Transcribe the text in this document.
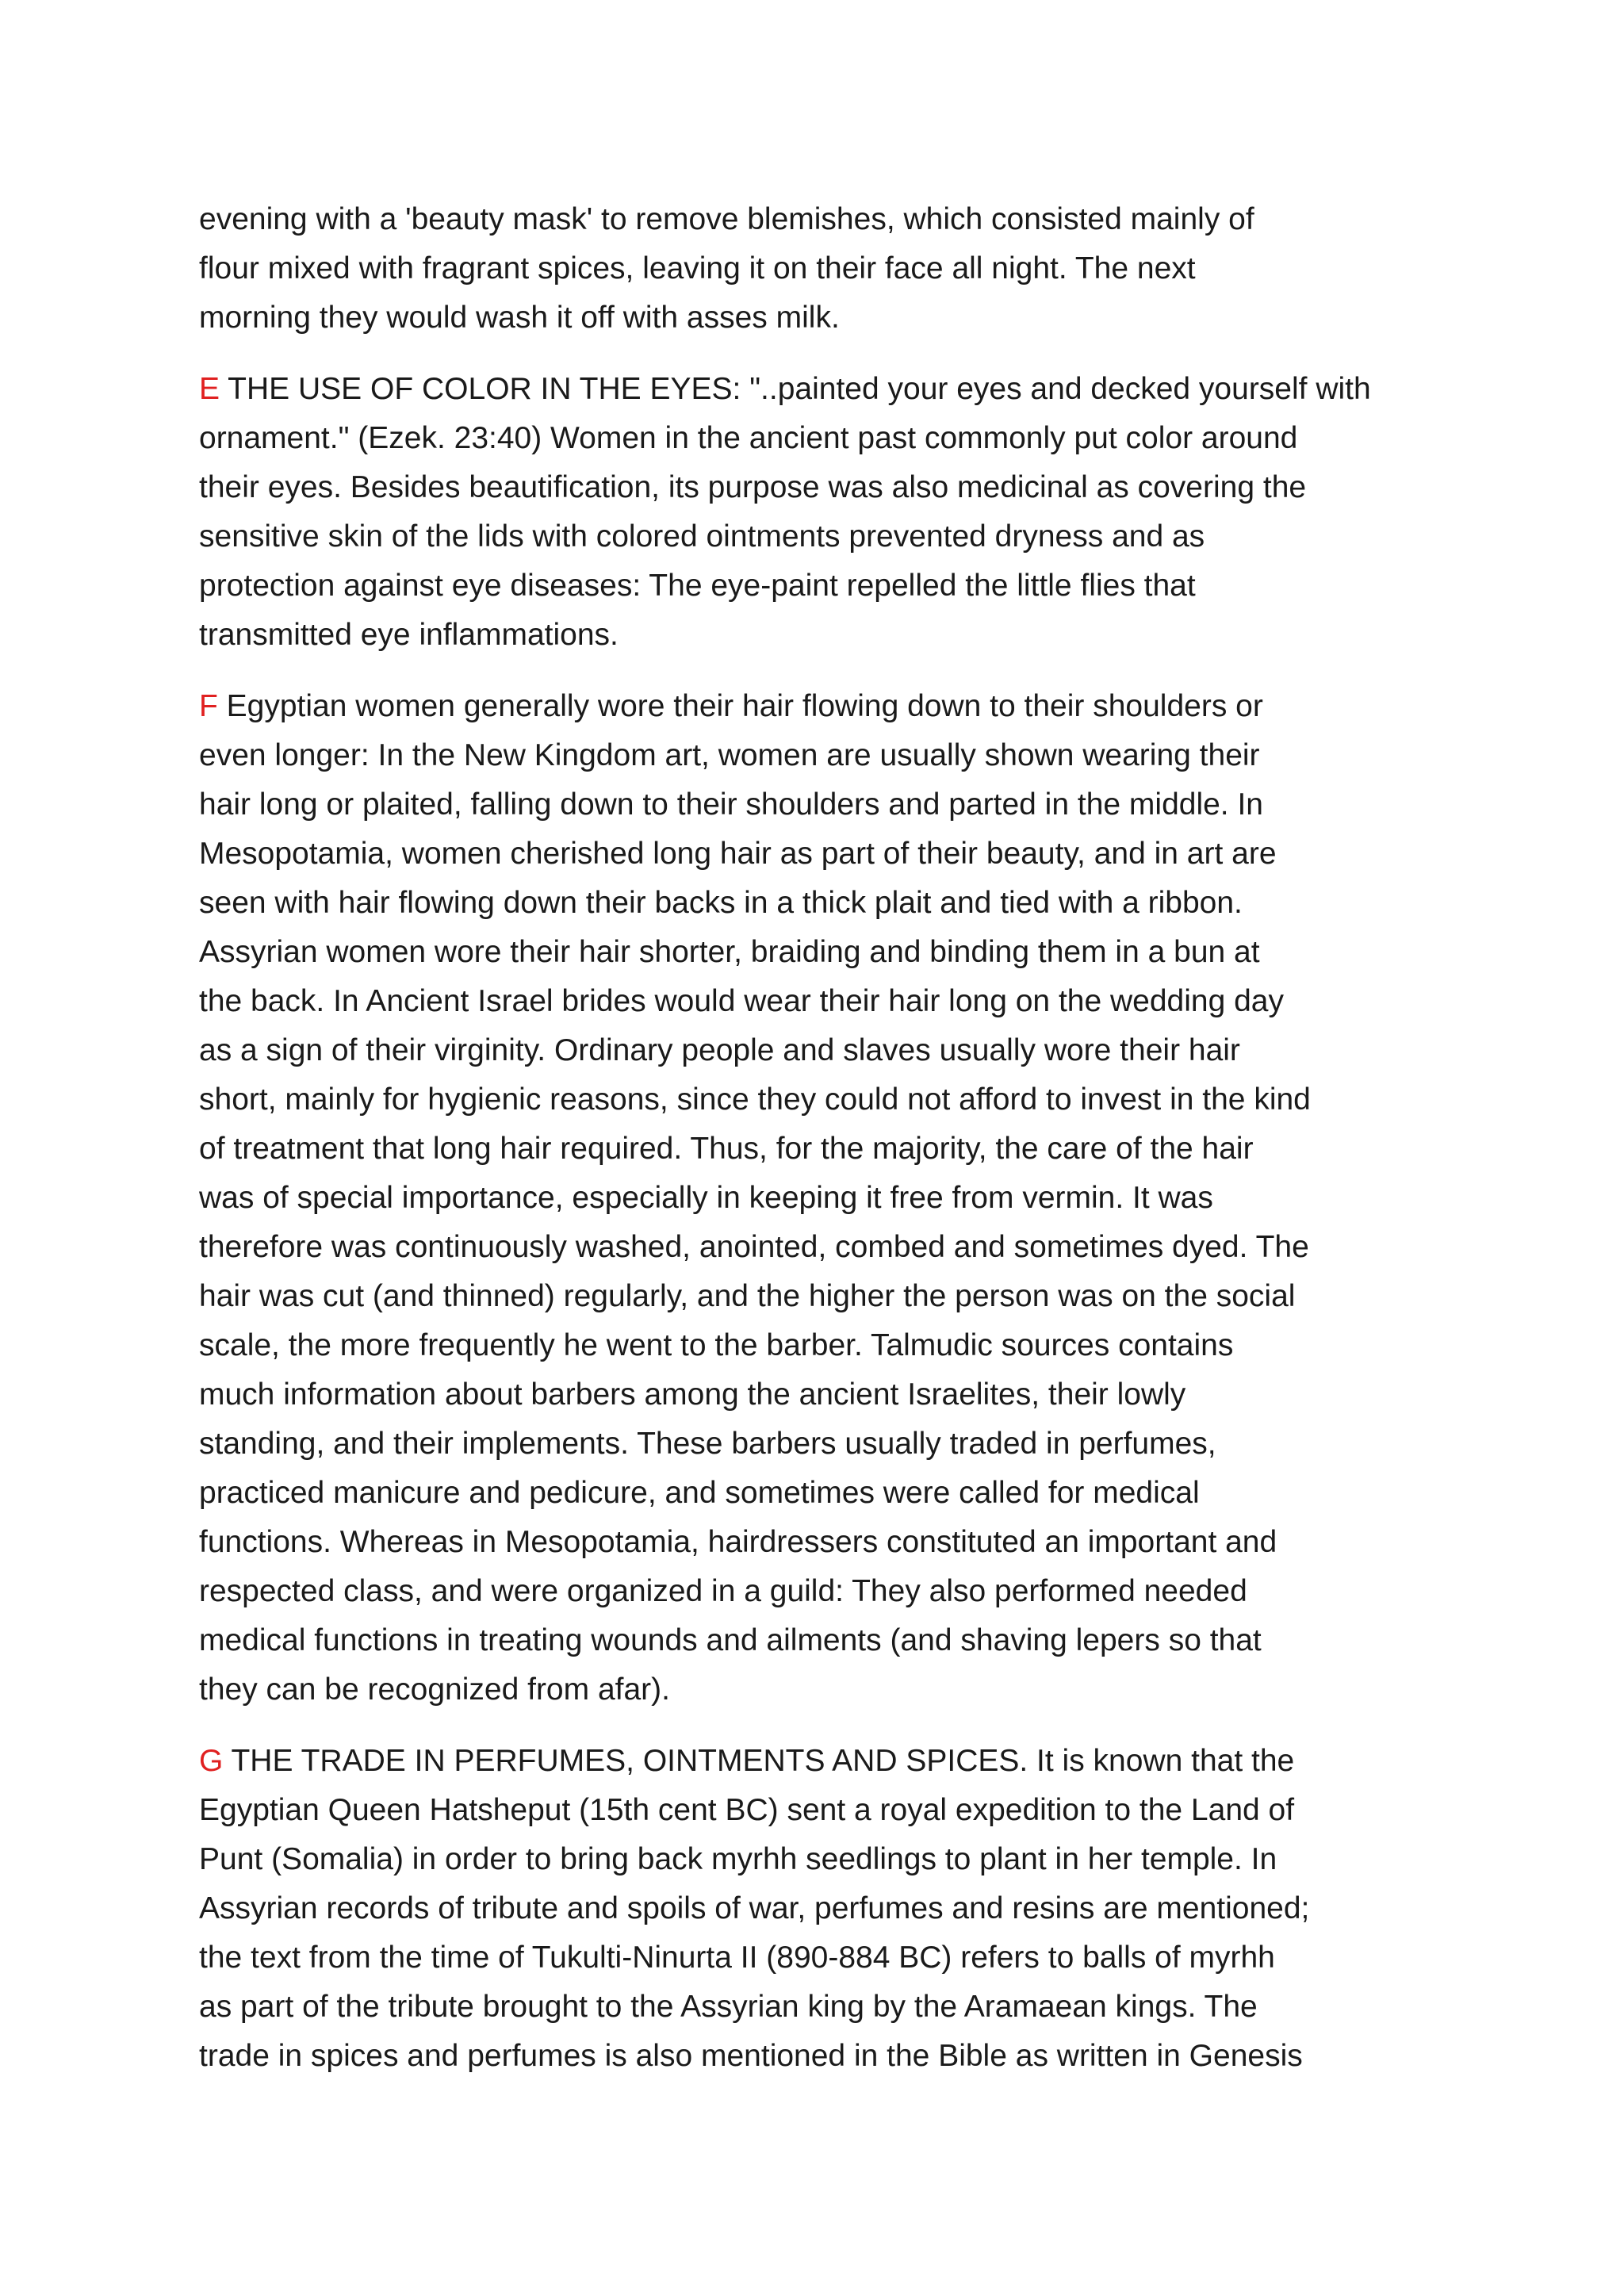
evening with a 'beauty mask' to remove blemishes, which consisted mainly of
flour mixed with fragrant spices, leaving it on their face all night. The next
morning they would wash it off with asses milk.

E THE USE OF COLOR IN THE EYES: "..painted your eyes and decked yourself with
ornament." (Ezek. 23:40) Women in the ancient past commonly put color around
their eyes. Besides beautification, its purpose was also medicinal as covering the
sensitive skin of the lids with colored ointments prevented dryness and as
protection against eye diseases: The eye-paint repelled the little flies that
transmitted eye inflammations.

F Egyptian women generally wore their hair flowing down to their shoulders or
even longer: In the New Kingdom art, women are usually shown wearing their
hair long or plaited, falling down to their shoulders and parted in the middle. In
Mesopotamia, women cherished long hair as part of their beauty, and in art are
seen with hair flowing down their backs in a thick plait and tied with a ribbon.
Assyrian women wore their hair shorter, braiding and binding them in a bun at
the back. In Ancient Israel brides would wear their hair long on the wedding day
as a sign of their virginity. Ordinary people and slaves usually wore their hair
short, mainly for hygienic reasons, since they could not afford to invest in the kind
of treatment that long hair required. Thus, for the majority, the care of the hair
was of special importance, especially in keeping it free from vermin. It was
therefore was continuously washed, anointed, combed and sometimes dyed. The
hair was cut (and thinned) regularly, and the higher the person was on the social
scale, the more frequently he went to the barber. Talmudic sources contains
much information about barbers among the ancient Israelites, their lowly
standing, and their implements. These barbers usually traded in perfumes,
practiced manicure and pedicure, and sometimes were called for medical
functions. Whereas in Mesopotamia, hairdressers constituted an important and
respected class, and were organized in a guild: They also performed needed
medical functions in treating wounds and ailments (and shaving lepers so that
they can be recognized from afar).

G THE TRADE IN PERFUMES, OINTMENTS AND SPICES. It is known that the
Egyptian Queen Hatsheput (15th cent BC) sent a royal expedition to the Land of
Punt (Somalia) in order to bring back myrhh seedlings to plant in her temple. In
Assyrian records of tribute and spoils of war, perfumes and resins are mentioned;
the text from the time of Tukulti-Ninurta II (890-884 BC) refers to balls of myrhh
as part of the tribute brought to the Assyrian king by the Aramaean kings. The
trade in spices and perfumes is also mentioned in the Bible as written in Genesis
